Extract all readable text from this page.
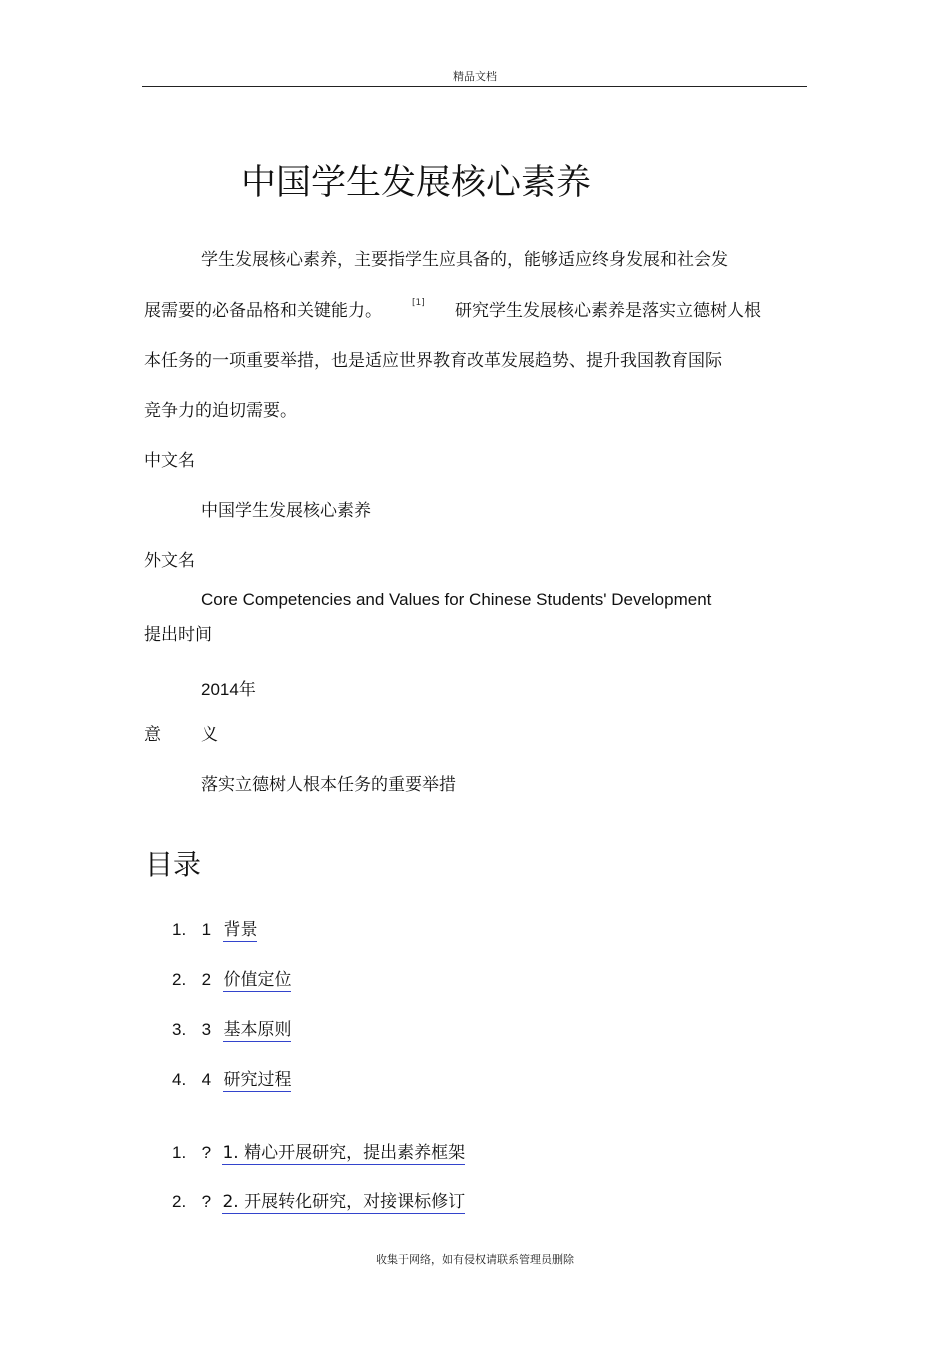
精品文档
中国学生发展核心素养
学生发展核心素养，主要指学生应具备的，能够适应终身发展和社会发
展需要的必备品格和关键能力。	[1] 研究学生发展核心素养是落实立德树人根
本任务的一项重要举措，也是适应世界教育改革发展趋势、提升我国教育国际
竞争力的迫切需要。
中文名
中国学生发展核心素养
外文名
Core Competencies and Values for Chinese Students' Development
提出时间
2014年
意 义
落实立德树人根本任务的重要举措
目录
1. 1 背景
2. 2 价值定位
3. 3 基本原则
4. 4 研究过程
1. ? 1. 精心开展研究，提出素养框架
2. ? 2. 开展转化研究，对接课标修订
收集于网络，如有侵权请联系管理员删除
